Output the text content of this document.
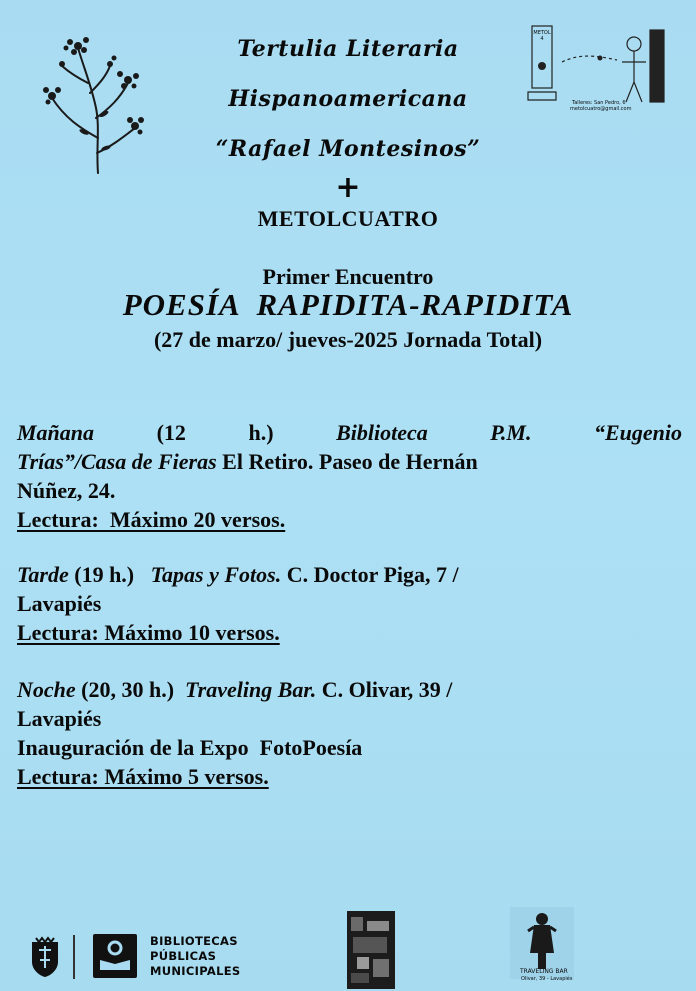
METOL 4
Talleres: San Pedro, 6
metolcuatro@gmail.com
Tertulia Literaria
Hispanoamericana
“Rafael Montesinos”
+
METOLCUATRO
Primer Encuentro
POESÍA  RAPIDITA-RAPIDITA
(27 de marzo/ jueves-2025 Jornada Total)
Mañana	(12 h.)	Biblioteca P.M. “Eugenio
Trías”/Casa de Fieras El Retiro. Paseo de Hernán
Núñez, 24.
Lectura:  Máximo 20 versos.
Tarde (19 h.) Tapas y Fotos. C. Doctor Piga, 7 /
Lavapiés
Lectura: Máximo 10 versos.
Noche (20, 30 h.) Traveling Bar. C. Olivar, 39 /
Lavapiés
Inauguración de la Expo  FotoPoesía
Lectura: Máximo 5 versos.
BIBLIOTECAS
PÚBLICAS
MUNICIPALES	TRAVELING BAR
Olivar, 39 - Lavapiés
